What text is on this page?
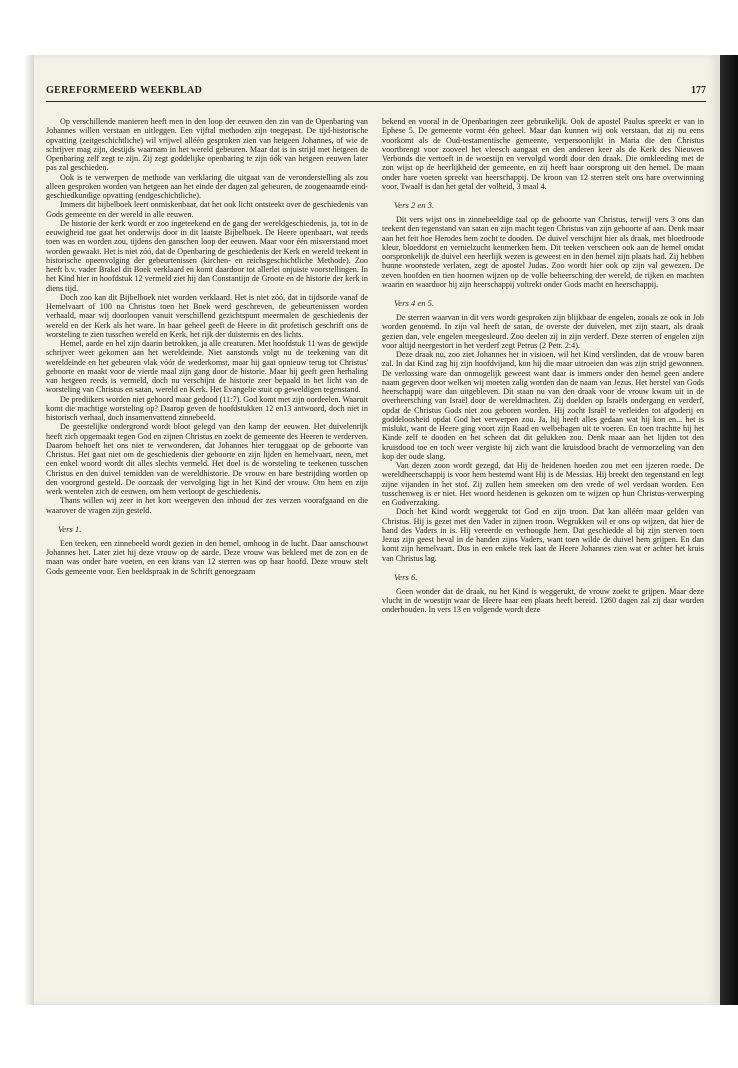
GEREFORMEERD WEEKBLAD	177

Op verschillende manieren heeft men in den loop der eeuwen den zin van de Openbaring van Johannes willen verstaan en uitleggen. Een vijftal methoden zijn toegepast. De tijd-historische opvatting (zeitgeschichtliche) wil vrijwel alléén gesproken zien van hetgeen Johannes, of wie de schrijver mag zijn, destijds waarnam in het wereld gebeuren. Maar dat is in strijd met hetgeen de Openbaring zelf zegt te zijn. Zij zegt goddelijke openbaring te zijn óók van hetgeen eeuwen later pas zal geschieden.

Ook is te verwerpen de methode van verklaring die uitgaat van de veronderstelling als zou alleen gesproken worden van hetgeen aan het einde der dagen zal gebeuren, de zoogenaamde eind-geschiedkundige opvatting (endgeschichtliche).

Immers dit bijbelboek leert onmiskenbaar, dat het ook licht ontsteekt over de geschiedenis van Gods gemeente en der wereld in alle eeuwen.

De historie der kerk wordt er zoo ingeteekend en de gang der wereldgeschiedenis, ja, tot in de eeuwigheid toe gaat het onderwijs door in dit laatste Bijbelboek. De Heere openbaart, wat reeds toen was en worden zou, tijdens den ganschen loop der eeuwen. Maar voor één misverstand moet worden gewaakt. Het is niet zóó, dat de Openbaring de geschiedenis der Kerk en wereld teekent in historische opeenvolging der gebeurtenissen (kirchen- en reichsgeschichtliche Methode). Zoo heeft b.v. vader Brakel dit Boek verklaard en komt daardoor tot allerlei onjuiste voorstellingen. In het Kind hier in hoofdstuk 12 vermeld ziet hij dan Constantijn de Groote en de historie der kerk in diens tijd.

Doch zoo kan dit Bijbelboek niet worden verklaard. Het is niet zóó, dat in tijdsorde vanaf de Hemelvaart of 100 na Christus toen het Boek werd geschreven, de gebeurtenissen worden verhaald, maar wij doorloopen vanuit verschillend gezichtspunt meermalen de geschiedenis der wereld en der Kerk als het ware. In haar geheel geeft de Heere in dit profetisch geschrift ons de worsteling te zien tusschen wereld en Kerk, het rijk der duisternis en des lichts.

Hemel, aarde en hel zijn daarin betrokken, ja alle creaturen. Met hoofdstuk 11 was de gewijde schrijver weer gekomen aan het wereldeinde. Niet aanstonds volgt nu de teekening van dit wereldeinde en het gebeuren vlak vóór de wederkomst, maar hij gaat opnieuw terug tot Christus' geboorte en maakt voor de vierde maal zijn gang door de historie. Maar hij geeft geen herhaling van hetgeen reeds is vermeld, doch nu verschijnt de historie zeer bepaald in het licht van de worsteling van Christus en satan, wereld en Kerk. Het Evangelie stuit op geweldigen tegenstand.

De prediikers worden niet gehoord maar gedood (11:7). God komt met zijn oordeelen. Waaruit komt die machtige worsteling op? Daarop geven de hoofdstukken 12 en13 antwoord, doch niet in historisch verhaal, doch insamenvattend zinnebeeld.

De geestelijke ondergrond wordt bloot gelegd van den kamp der eeuwen. Het duivelenrijk heeft zich opgemaakt tegen God en zijnen Christus en zoekt de gemeente des Heeren te verderven. Daarom behoeft het ons niet te verwonderen, dat Johannes hier teruggaat op de geboorte van Christus. Het gaat niet om de geschiedenis dier geboorte en zijn lijden en hemelvaart, neen, met een enkel woord wordt dit alles slechts vermeld. Het doel is de worsteling te teekenen tusschen Christus en den duivel temidden van de wereldhistorie. De vrouw en hare bestrijding worden op den voorgrond gesteld. De oorzaak der vervolging ligt in het Kind der vrouw. Om hem en zijn werk wentelen zich de eeuwen, om hem verloopt de geschiedenis.

Thans willen wij zeer in het kort weergeven den inhoud der zes verzen voorafgaand en die waarover de vragen zijn gesteld.

Vers 1.

Een teeken, een zinnebeeld wordt gezien in den hemel, omhoog in de lucht. Daar aanschouwt Johannes het. Later ziet hij deze vrouw op de aarde. Deze vrouw was bekleed met de zon en de maan was onder hare voeten, en een krans van 12 sterren was op haar hoofd. Deze vrouw stelt Gods gemeente voor. Een beeldspraak in de Schrift genoegzaam

bekend en vooral in de Openbaringen zeer gebruikelijk. Ook de apostel Paulus spreekt er van in Ephese 5. De gemeente vormt één geheel. Maar dan kunnen wij ook verstaan, dat zij nu eens voorkomt als de Oud-testamentische gemeente, verpersoonlijkt in Maria die den Christus voortbrengt voor zooveel het vleesch aangaat en den anderen keer als de Kerk des Nieuwen Verbonds die vertoeft in de woestijn en vervolgd wordt door den draak. Die omkleeding met de zon wijst op de heerlijkheid der gemeente, en zij heeft haar oorsprong uit den hemel. De maan onder hare voeten spreekt van heerschappij. De kroon van 12 sterren stelt ons hare overwinning voor. Twaalf is dan het getal der volheid, 3 maal 4.

Vers 2 en 3.

Dit vers wijst ons in zinnebeeldige taal op de geboorte van Christus, terwijl vers 3 ons dan teekent den tegenstand van satan en zijn macht tegen Christus van zijn geboorte af aan. Denk maar aan het feit hoe Herodes hem zocht te dooden. De duivel verschijnt hier als draak, met bloedroode kleur, bloeddorst en vernielzucht kenmerken hem. Dit teeken verscheen ook aan de hemel omdat oorspronkelijk de duivel een heerlijk wezen is geweest en in den hemel zijn plaats had. Zij hebben hunne woonstede verlaten, zegt de apostel Judas. Zoo wordt hier ook op zijn val gewezen. De zeven hoofden en tien hoornen wijzen op de volle beheersching der wereld, de rijken en machten waarin en waardoor hij zijn heerschappij voltrekt onder Gods macht en heerschappij.

Vers 4 en 5.

De sterren waarvan in dit vers wordt gesproken zijn blijkbaar de engelen, zooals ze ook in Job worden genoemd. In zijn val heeft de satan, de overste der duivelen, met zijn staart, als draak gezien dan, vele engelen meegesleurd. Zoo deelen zij in zijn verderf. Deze sterren of engelen zijn voor altijd neergestort in het verderf zegt Petrus (2 Petr. 2:4).

Deze draak nu, zoo ziet Johannes het in visioen, wil het Kind verslinden, dat de vrouw baren zal. In dat Kind zag hij zijn hoofdvijand, kon hij die maar uitroeien dan was zijn strijd gewonnen. De verlossing ware dan onmogelijk geweest want daar is immers onder den hemel geen andere naam gegeven door welken wij moeten zalig worden dan de naam van Jezus. Het herstel van Gods heerschappij ware dan uitgebleven. Dit staan nu van den draak voor de vrouw kwam uit in de overheersching van Israël door de wereldmachten. Zij doelden op Israëls ondergang en verderf, opdat de Christus Gods niet zou geboren worden. Hij zocht Israël te verleiden tot afgoderij en goddeloosheid opdat God het verwerpen zou. Ja, hij heeft alles gedaan wat hij kon en... het is mislukt, want de Heere ging voort zijn Raad en welbehagen uit te voeren. En toen trachtte hij het Kinde zelf te dooden en het scheen dat dit gelukken zou. Denk maar aan het lijden tot den kruisdood toe en toch weer vergiste hij zich want die kruisdood bracht de vermorzeling van den kop der oude slang.

Van dezen zoon wordt gezegd, dat Hij de heidenen hoeden zou met een ijzeren roede. De wereldheerschappij is voor hem bestemd want Hij is de Messias. Hij breekt den tegenstand en legt zijne vijanden in het stof. Zij zullen hem smeeken om den vrede of wel verdaan worden. Een tusschenweg is er niet. Het woord heidenen is gekozen om te wijzen op hun Christus-verwerping en Godverzaking.

Doch het Kind wordt weggerukt tot God en zijn troon. Dat kan alléén maar gelden van Christus. Hij is gezet met den Vader in zijnen troon. Wegrukken wil er ons op wijzen, dat hier de hand des Vaders in is. Hij vereerde en verhoogde hem. Dat geschiedde al bij zijn sterven toen Jezus zijn geest beval in de handen zijns Vaders, want toen wilde de duivel hem grijpen. En dan komt zijn hemelvaart. Dus in een enkele trek laat de Heere Johannes zien wat er achter het kruis van Christus lag.

Vers 6.

Geen wonder dat de draak, nu het Kind is weggerukt, de vrouw zoekt te grijpen. Maar deze vlucht in de woestijn waar de Heere haar een plaats heeft bereid. 1260 dagen zal zij daar worden onderhouden. In vers 13 en volgende wordt deze
